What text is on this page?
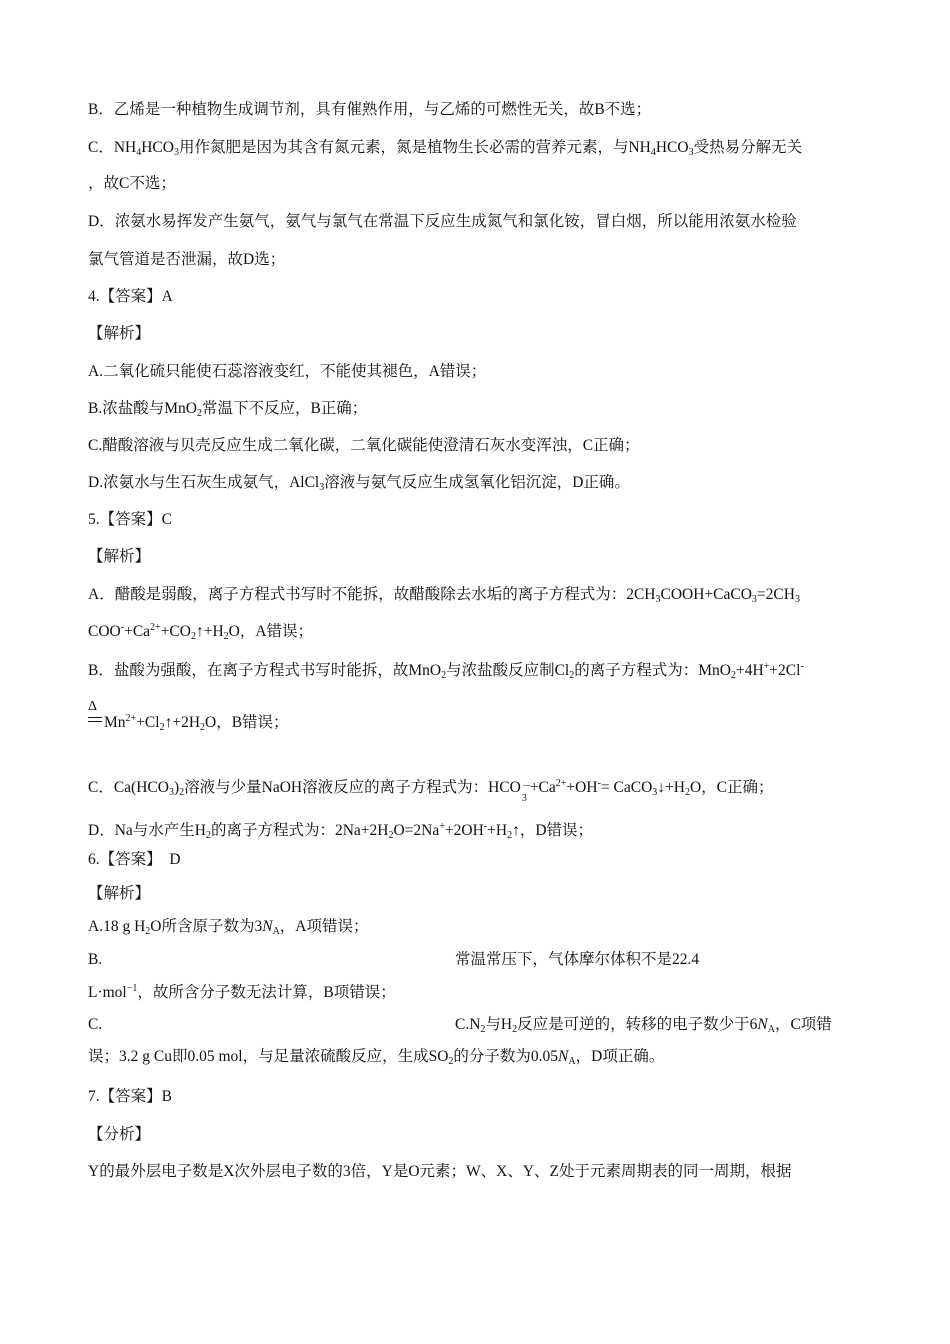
B．乙烯是一种植物生成调节剂，具有催熟作用，与乙烯的可燃性无关，故B不选；
C．$NH_4HCO_3$用作氮肥是因为其含有氮元素，氮是植物生长必需的营养元素，与$NH_4HCO_3$受热易分解无关
，故C不选；
D．浓氨水易挥发产生氨气，氨气与氯气在常温下反应生成氮气和氯化铵，冒白烟，所以能用浓氨水检验
氯气管道是否泄漏，故D选；
4.【答案】A
【解析】
A.二氧化硫只能使石蕊溶液变红，不能使其褪色，A错误；
B.浓盐酸与MnO$_2$常温下不反应，B正确；
C.醋酸溶液与贝壳反应生成二氧化碳，二氧化碳能使澄清石灰水变浑浊，C正确；
D.浓氨水与生石灰生成氨气，AlCl$_3$溶液与氨气反应生成氢氧化铝沉淀，D正确。
5.【答案】C
【解析】
A．醋酸是弱酸，离子方程式书写时不能拆，故醋酸除去水垢的离子方程式为：$2CH_3COOH+CaCO_3=2CH_3$
$COO^-+Ca^{2+}+CO_2↑+H_2O$，A错误；
B．盐酸为强酸，在离子方程式书写时能拆，故MnO$_2$与浓盐酸反应制$Cl_2$的离子方程式为：MnO$_2$+4H++2Cl-
Δ
$Mn^{2+}+Cl_2↑+2H_2O$，B错误；
C．$Ca(HCO_3)_2$溶液与少量NaOH溶液反应的离子方程式为：HCO －
3
$+Ca^{2+}+OH^-=$ $CaCO_3↓+H_2O$，C正确；
D．Na与水产生$H_2$的离子方程式为：$2Na+2H_2O=2Na^++2OH^-+H_2↑$，D错误；
6.【答案】　D
【解析】
A.18 g $H_2O$所含原子数为$3N_A$，A项错误；
B.	常温常压下，气体摩尔体积不是22.4
L·mol$^{-1}$，故所含分子数无法计算，B项错误；
C.	$C.N_2$与$H_2$反应是可逆的，转移的电子数少于$6N_A$，C项错
误；3.2 g Cu即0.05 mol，与足量浓硫酸反应，生成$SO_2$的分子数为$0.05N_A$，D项正确。
7.【答案】B
【分析】
Y的最外层电子数是X次外层电子数的3倍，Y是O元素；W、X、Y、Z处于元素周期表的同一周期，根据
